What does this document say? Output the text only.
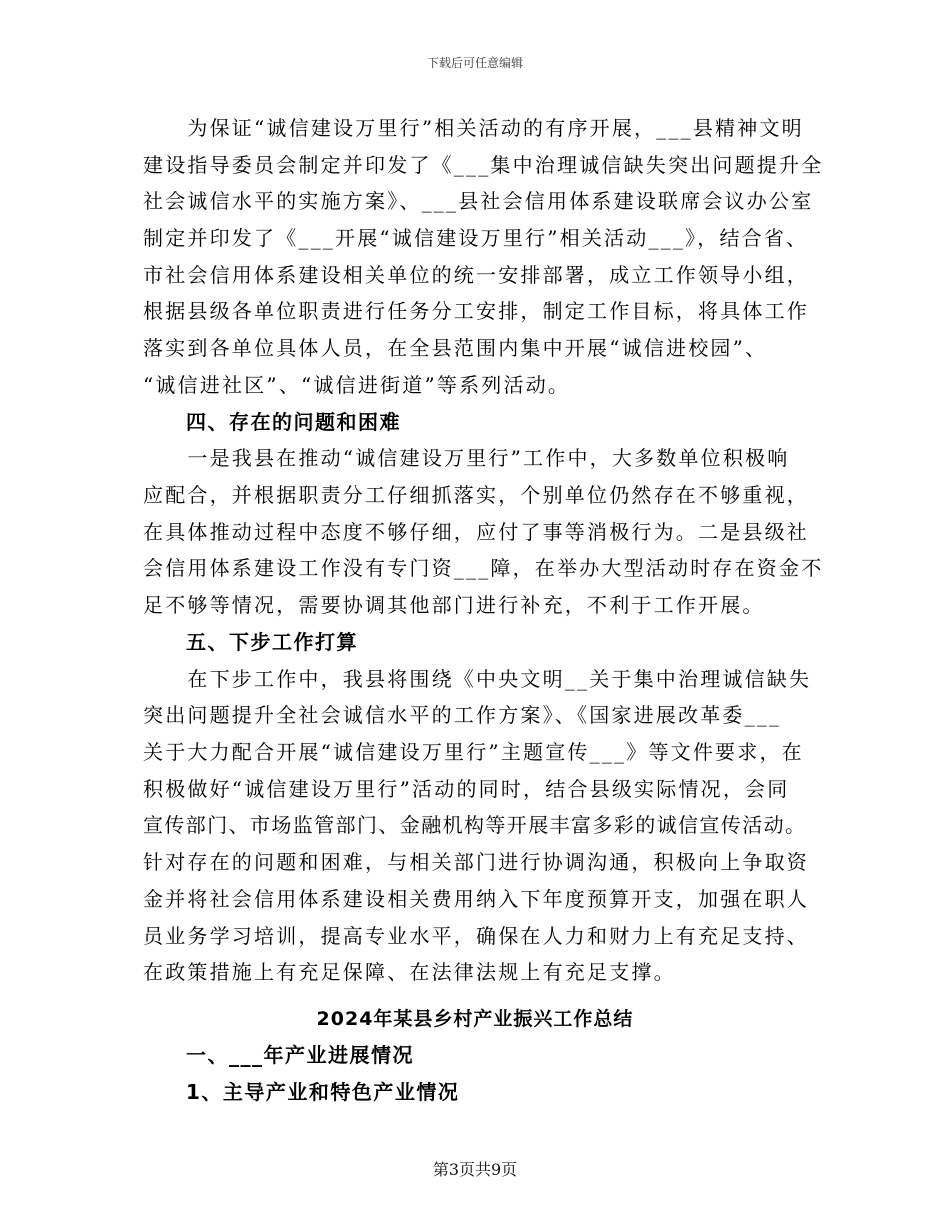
下载后可任意编辑
　　为保证“诚信建设万里行”相关活动的有序开展，___县精神文明
建设指导委员会制定并印发了《___集中治理诚信缺失突出问题提升全
社会诚信水平的实施方案》、___县社会信用体系建设联席会议办公室
制定并印发了《___开展“诚信建设万里行”相关活动___》，结合省、
市社会信用体系建设相关单位的统一安排部署，成立工作领导小组，
根据县级各单位职责进行任务分工安排，制定工作目标，将具体工作
落实到各单位具体人员，在全县范围内集中开展“诚信进校园”、
“诚信进社区”、“诚信进街道”等系列活动。
　　四、存在的问题和困难
　　一是我县在推动“诚信建设万里行”工作中，大多数单位积极响
应配合，并根据职责分工仔细抓落实，个别单位仍然存在不够重视，
在具体推动过程中态度不够仔细，应付了事等消极行为。二是县级社
会信用体系建设工作没有专门资___障，在举办大型活动时存在资金不
足不够等情况，需要协调其他部门进行补充，不利于工作开展。
　　五、下步工作打算
　　在下步工作中，我县将围绕《中央文明__关于集中治理诚信缺失
突出问题提升全社会诚信水平的工作方案》、《国家进展改革委___
关于大力配合开展“诚信建设万里行”主题宣传___》等文件要求，在
积极做好“诚信建设万里行”活动的同时，结合县级实际情况，会同
宣传部门、市场监管部门、金融机构等开展丰富多彩的诚信宣传活动。
针对存在的问题和困难，与相关部门进行协调沟通，积极向上争取资
金并将社会信用体系建设相关费用纳入下年度预算开支，加强在职人
员业务学习培训，提高专业水平，确保在人力和财力上有充足支持、
在政策措施上有充足保障、在法律法规上有充足支撑。
2024年某县乡村产业振兴工作总结
　　一、___年产业进展情况
　　1、主导产业和特色产业情况
第3页共9页
